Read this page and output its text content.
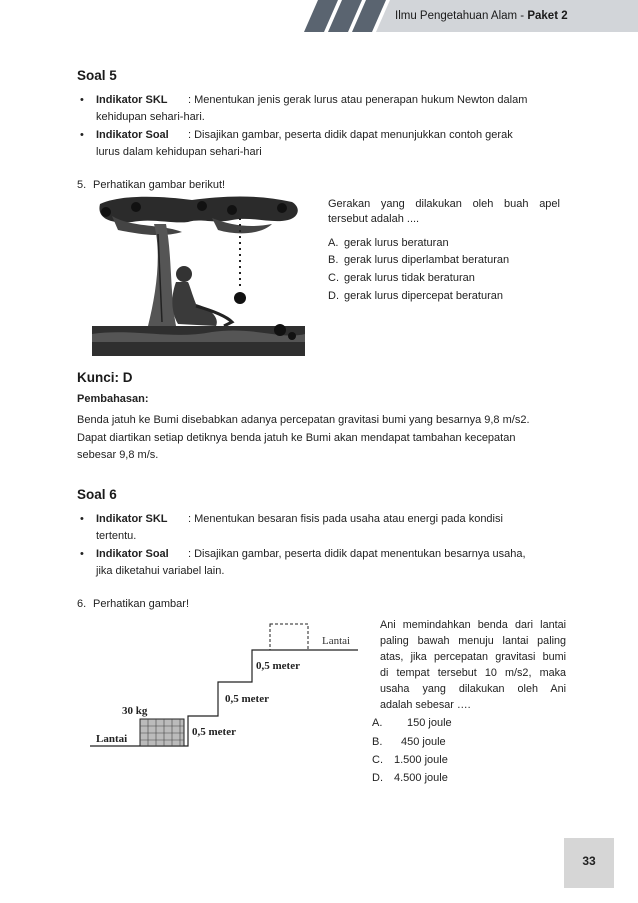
Ilmu Pengetahuan Alam - Paket 2
Soal 5
• Indikator SKL : Menentukan jenis gerak lurus atau penerapan hukum Newton dalam
kehidupan sehari-hari.
• Indikator Soal : Disajikan gambar, peserta didik dapat menunjukkan contoh gerak
lurus dalam kehidupan sehari-hari
5. Perhatikan gambar berikut!
Gerakan yang dilakukan oleh buah apel
tersebut adalah ....
A. gerak lurus beraturan
B. gerak lurus diperlambat beraturan
C. gerak lurus tidak beraturan
D. gerak lurus dipercepat beraturan
Kunci: D
Pembahasan:
Benda jatuh ke Bumi disebabkan adanya percepatan gravitasi bumi yang besarnya 9,8 m/s2.
Dapat diartikan setiap detiknya benda jatuh ke Bumi akan mendapat tambahan kecepatan
sebesar 9,8 m/s.
Soal 6
• Indikator SKL : Menentukan besaran fisis pada usaha atau energi pada kondisi
tertentu.
• Indikator Soal : Disajikan gambar, peserta didik dapat menentukan besarnya usaha,
jika diketahui variabel lain.
6. Perhatikan gambar!
Lantai
Lantai
30 kg
0,5 meter
0,5 meter
0,5 meter
Ani memindahkan benda dari lantai
paling bawah menuju lantai paling
atas, jika percepatan gravitasi bumi
di tempat tersebut 10 m/s2, maka
usaha yang dilakukan oleh Ani
adalah sebesar ….
A. 150 joule
B. 450 joule
C. 1.500 joule
D. 4.500 joule
33
